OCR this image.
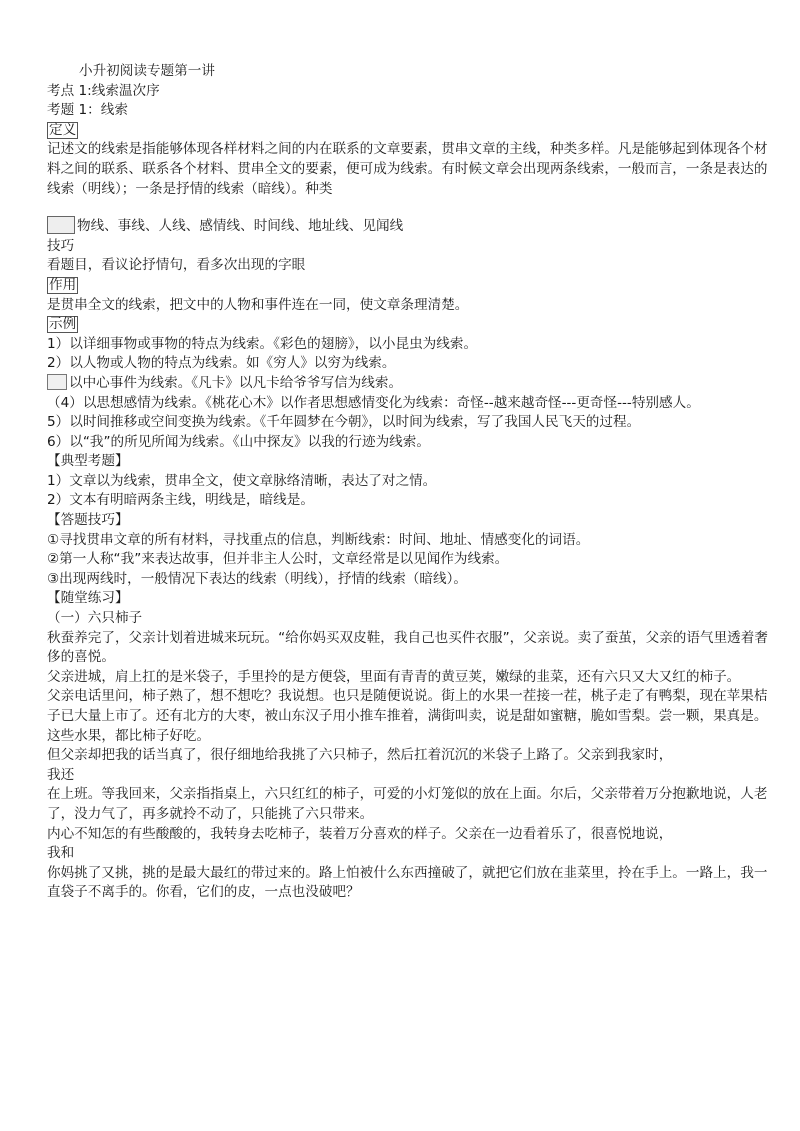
小升初阅读专题第一讲
考点 1:线索温次序
考题 1：线索
定义
记述文的线索是指能够体现各样材料之间的内在联系的文章要素，贯串文章的主线，种类多样。凡是能够起到体现各个材料之间的联系、联系各个材料、贯串全文的要素，便可成为线索。有时候文章会出现两条线索，一般而言，一条是表达的线索（明线）；一条是抒情的线索（暗线）。种类
物线、事线、人线、感情线、时间线、地址线、见闻线
技巧
看题目，看议论抒情句，看多次出现的字眼
作用
是贯串全文的线索，把文中的人物和事件连在一同，使文章条理清楚。
示例
1）以详细事物或事物的特点为线索。《彩色的翅膀》，以小昆虫为线索。
2）以人物或人物的特点为线索。如《穷人》以穷为线索。
以中心事件为线索。《凡卡》以凡卡给爷爷写信为线索。
（4）以思想感情为线索。《桃花心木》以作者思想感情变化为线索：奇怪--越来越奇怪---更奇怪---特别感人。
5）以时间推移或空间变换为线索。《千年圆梦在今朝》，以时间为线索，写了我国人民飞天的过程。
6）以“我”的所见所闻为线索。《山中探友》以我的行迹为线索。
【典型考题】
1）文章以为线索，贯串全文，使文章脉络清晰，表达了对之情。
2）文本有明暗两条主线，明线是，暗线是。
【答题技巧】
①寻找贯串文章的所有材料，寻找重点的信息，判断线索：时间、地址、情感变化的词语。
②第一人称“我”来表达故事，但并非主人公时，文章经常是以见闻作为线索。
③出现两线时，一般情况下表达的线索（明线），抒情的线索（暗线）。
【随堂练习】
（一）六只柿子
秋蚕养完了，父亲计划着进城来玩玩。“给你妈买双皮鞋，我自己也买件衣服”，父亲说。卖了蚕茧，父亲的语气里透着奢侈的喜悦。
父亲进城，肩上扛的是米袋子，手里拎的是方便袋，里面有青青的黄豆荚，嫩绿的韭菜，还有六只又大又红的柿子。
父亲电话里问，柿子熟了，想不想吃？我说想。也只是随便说说。街上的水果一茬接一茬，桃子走了有鸭梨，现在苹果桔子已大量上市了。还有北方的大枣，被山东汉子用小推车推着，满街叫卖，说是甜如蜜糖，脆如雪梨。尝一颗，果真是。这些水果，都比柿子好吃。
但父亲却把我的话当真了，很仔细地给我挑了六只柿子，然后扛着沉沉的米袋子上路了。父亲到我家时，
我还
在上班。等我回来，父亲指指桌上，六只红红的柿子，可爱的小灯笼似的放在上面。尔后，父亲带着万分抱歉地说，人老了，没力气了，再多就拎不动了，只能挑了六只带来。
内心不知怎的有些酸酸的，我转身去吃柿子，装着万分喜欢的样子。父亲在一边看着乐了，很喜悦地说，
我和
你妈挑了又挑，挑的是最大最红的带过来的。路上怕被什么东西撞破了，就把它们放在韭菜里，拎在手上。一路上，我一直袋子不离手的。你看，它们的皮，一点也没破吧？
